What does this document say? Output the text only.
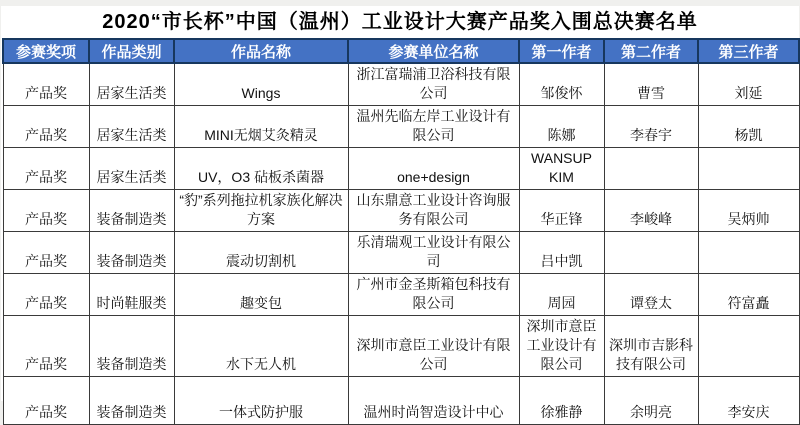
2020“市长杯”中国（温州）工业设计大赛产品奖入围总决赛名单
参赛奖项	作品类别	作品名称	参赛单位名称	第一作者	第二作者	第三作者
产品奖	居家生活类	Wings	浙江富瑞浦卫浴科技有限公司	邹俊怀	曹雪	刘延
产品奖	居家生活类	MINI无烟艾灸精灵	温州先临左岸工业设计有限公司	陈娜	李春宇	杨凯
产品奖	居家生活类	UV，O3 砧板杀菌器	one+design	WANSUP KIM		
产品奖	装备制造类	“豹”系列拖拉机家族化解决方案	山东鼎意工业设计咨询服务有限公司	华正锋	李峻峰	吴炳帅
产品奖	装备制造类	震动切割机	乐清瑞观工业设计有限公司	吕中凯		
产品奖	时尚鞋服类	趣变包	广州市金圣斯箱包科技有限公司	周园	谭登太	符富矗
产品奖	装备制造类	水下无人机	深圳市意臣工业设计有限公司	深圳市意臣工业设计有限公司	深圳市吉影科技有限公司	
产品奖	装备制造类	一体式防护服	温州时尚智造设计中心	徐雅静	余明亮	李安庆
